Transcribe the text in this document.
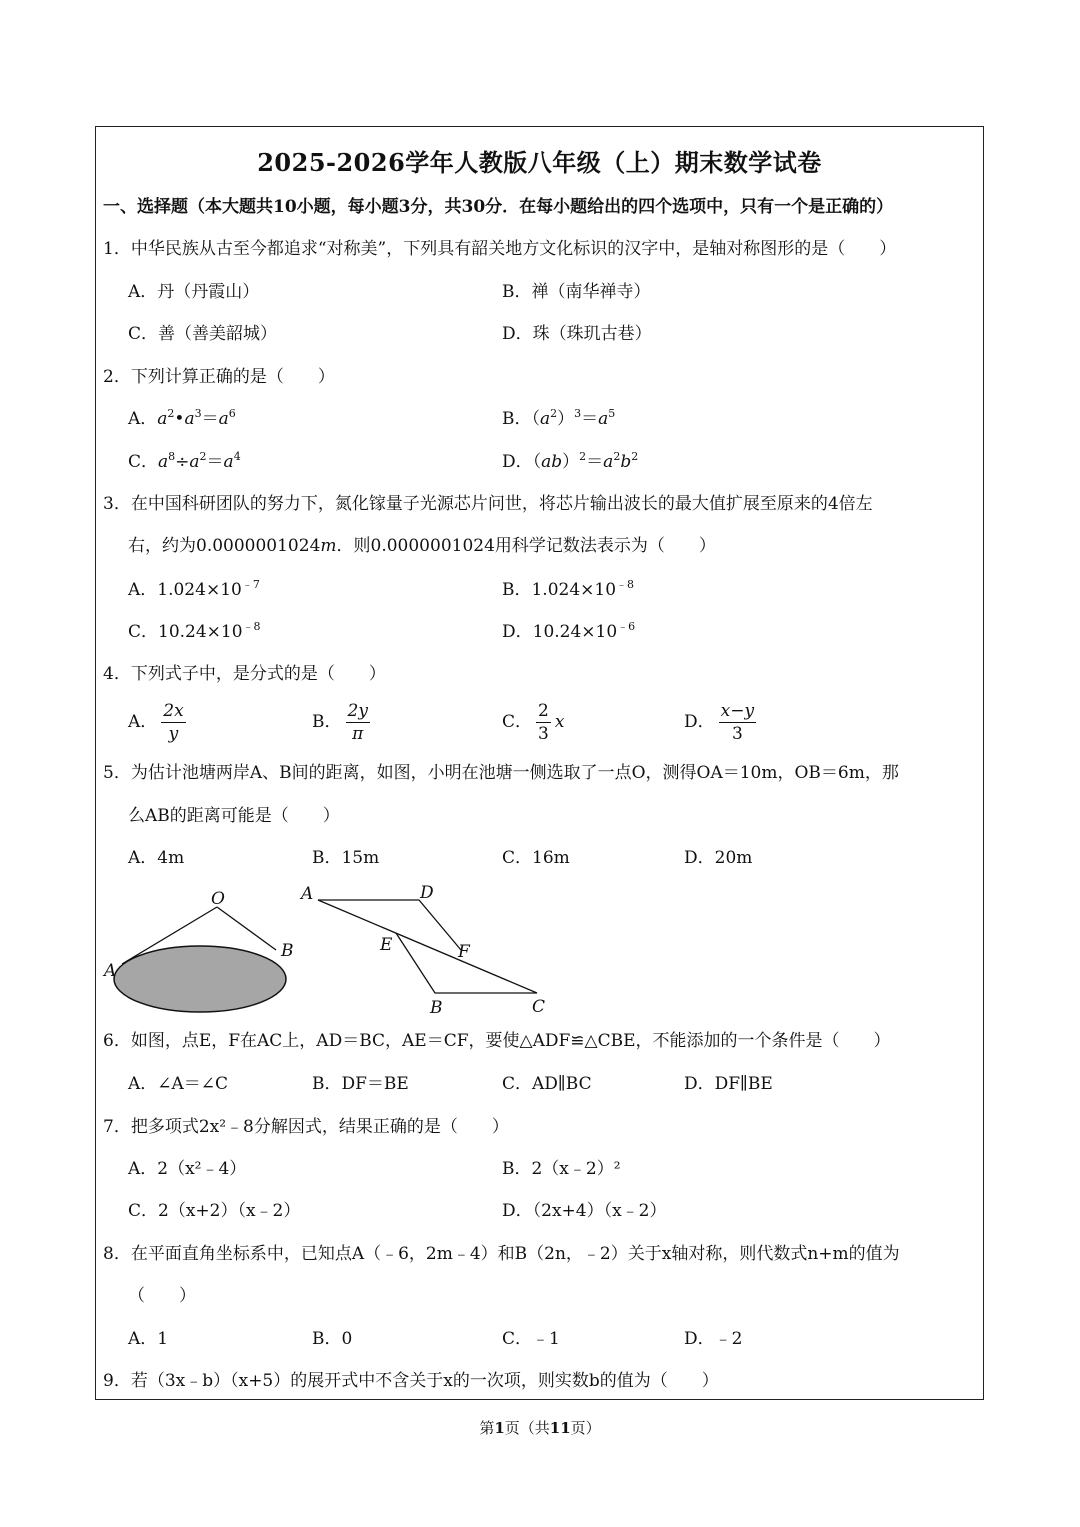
2025-2026学年人教版八年级（上）期末数学试卷
一、选择题（本大题共10小题，每小题3分，共30分．在每小题给出的四个选项中，只有一个是正确的）
1．中华民族从古至今都追求“对称美”，下列具有韶关地方文化标识的汉字中，是轴对称图形的是（　　）
A．丹（丹霞山）	B．禅（南华禅寺）
C．善（善美韶城）	D．珠（珠玑古巷）
2．下列计算正确的是（　　）
A．$a^2•a^3=a^6$	B．$(a^2)^3=a^5$
C．$a^8\div a^2=a^4$	D．$(ab)^2=a^2b^2$
3．在中国科研团队的努力下，氮化镓量子光源芯片问世，将芯片输出波长的最大值扩展至原来的4倍左
右，约为0.0000001024m．则0.0000001024用科学记数法表示为（　　）
A．$1.024\times 10^{﹣7}$	B．$1.024\times 10^{﹣8}$
C．$10.24\times 10^{﹣8}$	D．$10.24\times 10^{﹣6}$
4．下列式子中，是分式的是（　　）
A． $\frac{2x}{y}$	B． $\frac{2y}{\pi}$	C． $\frac{2}{3}$ x	D． $\frac{x-y}{3}$
5．为估计池塘两岸A、B间的距离，如图，小明在池塘一侧选取了一点O，测得OA＝10m，OB＝6m，那
么AB的距离可能是（　　）
A．4m	B．15m	C．16m	D．20m
O
A
B
A	D
E	F
B	C
6．如图，点E，F在AC上，AD＝BC，AE＝CF，要使△ADF≌△CBE，不能添加的一个条件是（　　）
A．∠A＝∠C	B．DF＝BE	C．AD∥BC	D．DF∥BE
7．把多项式2x²﹣8分解因式，结果正确的是（　　）
A．2（x²﹣4）	B．2（x﹣2）²
C．2（x+2）（x﹣2）	D．（2x+4）（x﹣2）
8．在平面直角坐标系中，已知点A（﹣6，2m﹣4）和B（2n，﹣2）关于x轴对称，则代数式n+m的值为
（　　）
A．1	B．0	C．﹣1	D．﹣2
9．若（3x﹣b）（x+5）的展开式中不含关于x的一次项，则实数b的值为（　　）
第1页（共11页）
